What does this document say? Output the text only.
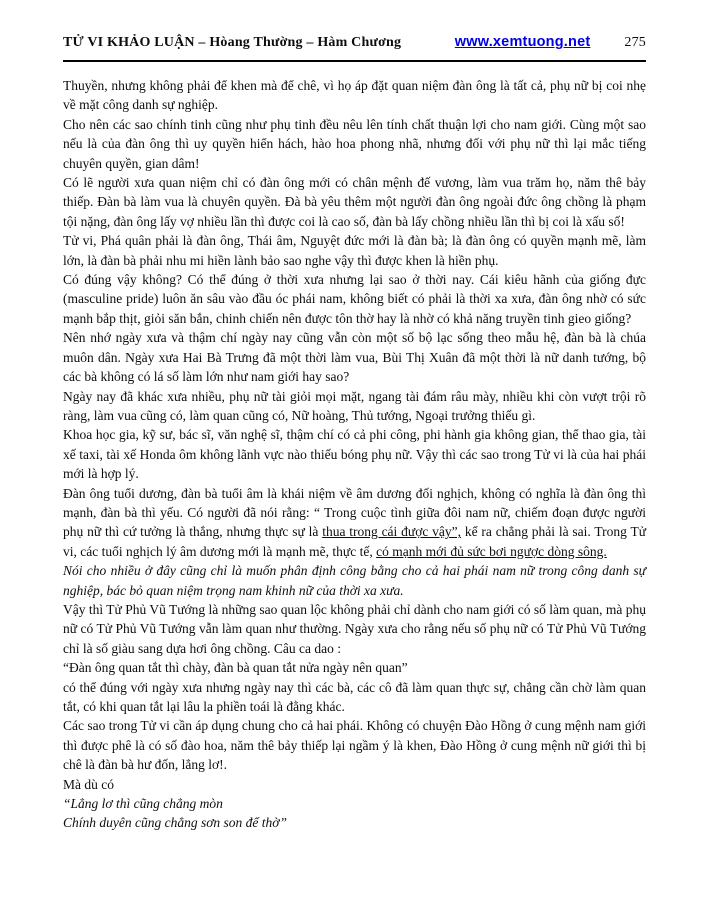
TỬ VI KHẢO LUẬN – Hòang Thường – Hàm Chương	www.xemtuong.net 275

Thuyền, nhưng không phải để khen mà để chê, vì họ áp đặt quan niệm đàn ông là tất cả, phụ nữ bị coi nhẹ về mặt công danh sự nghiệp.

Cho nên các sao chính tinh cũng như phụ tinh đều nêu lên tính chất thuận lợi cho nam giới. Cùng một sao nếu là của đàn ông thì uy quyền hiển hách, hào hoa phong nhã, nhưng đối với phụ nữ thì lại mắc tiếng chuyên quyền, gian dâm!

Có lẽ người xưa quan niệm chỉ có đàn ông mới có chân mệnh đế vương, làm vua trăm họ, năm thê bảy thiếp. Đàn bà làm vua là chuyên quyền. Đà bà yêu thêm một người đàn ông ngoài đức ông chồng là phạm tội nặng, đàn ông lấy vợ nhiều lần thì được coi là cao số, đàn bà lấy chồng nhiều lần thì bị coi là xấu số!

Tử vi, Phá quân phải là đàn ông, Thái âm, Nguyệt đức mới là đàn bà; là đàn ông có quyền mạnh mẽ, làm lớn, là đàn bà phải nhu mi hiền lành bảo sao nghe vậy thì được khen là hiền phụ.

Có đúng vậy không? Có thể đúng ở thời xưa nhưng lại sao ở thời nay. Cái kiêu hãnh của giống đực (masculine pride) luôn ăn sâu vào đầu óc phái nam, không biết có phải là thời xa xưa, đàn ông nhờ có sức mạnh bắp thịt, giỏi săn bắn, chinh chiến nên được tôn thờ hay là nhờ có khả năng truyền tinh gieo giống?

Nên nhớ ngày xưa và thậm chí ngày nay cũng vẫn còn một số bộ lạc sống theo mẫu hệ, đàn bà là chúa muôn dân. Ngày xưa Hai Bà Trưng đã một thời làm vua, Bùi Thị Xuân đã một thời là nữ danh tướng, bộ các bà không có lá số làm lớn như nam giới hay sao?

Ngày nay đã khác xưa nhiều, phụ nữ tài giỏi mọi mặt, ngang tài đám râu mày, nhiều khi còn vượt trội rõ ràng, làm vua cũng có, làm quan cũng có, Nữ hoàng, Thủ tướng, Ngoại trưởng thiếu gì.

Khoa học gia, kỹ sư, bác sĩ, văn nghệ sĩ, thậm chí có cả phi công, phi hành gia không gian, thể thao gia, tài xế taxi, tài xế Honda ôm không lãnh vực nào thiếu bóng phụ nữ. Vậy thì các sao trong Tử vi là của hai phái mới là hợp lý.

Đàn ông tuổi dương, đàn bà tuổi âm là khái niệm về âm dương đối nghịch, không có nghĩa là đàn ông thì mạnh, đàn bà thì yếu. Có người đã nói rằng: “ Trong cuộc tình giữa đôi nam nữ, chiếm đoạn được người phụ nữ thì cứ tưởng là thắng, nhưng thực sự là thua trong cái được vậy”, kể ra chẳng phải là sai. Trong Tử vi, các tuổi nghịch lý âm dương mới là mạnh mẽ, thực tế, có mạnh mới đủ sức bơi ngược dòng sông.

Nói cho nhiều ở đây cũng chỉ là muốn phân định công bằng cho cả hai phái nam nữ trong công danh sự nghiệp, bác bỏ quan niệm trọng nam khinh nữ của thời xa xưa.

Vậy thì Tử Phủ Vũ Tướng là những sao quan lộc không phải chỉ dành cho nam giới có số làm quan, mà phụ nữ có Tử Phủ Vũ Tướng vẫn làm quan như thường. Ngày xưa cho rằng nếu số phụ nữ có Tử Phủ Vũ Tướng chỉ là số giàu sang dựa hơi ông chồng. Câu ca dao :

“Đàn ông quan tắt thì chày, đàn bà quan tắt nửa ngày nên quan”

có thể đúng với ngày xưa nhưng ngày nay thì các bà, các cô đã làm quan thực sự, chẳng cần chờ làm quan tắt, có khi quan tắt lại lâu la phiền toái là đằng khác.

Các sao trong Tử vi cần áp dụng chung cho cả hai phái. Không có chuyện Đào Hồng ở cung mệnh nam giới thì được phê là có số đào hoa, năm thê bảy thiếp lại ngầm ý là khen, Đào Hồng ở cung mệnh nữ giới thì bị chê là đàn bà hư đốn, lẳng lơ!.

Mà dù có

“Lẳng lơ thì cũng chẳng mòn

Chính duyên cũng chẳng sơn son để thờ”
